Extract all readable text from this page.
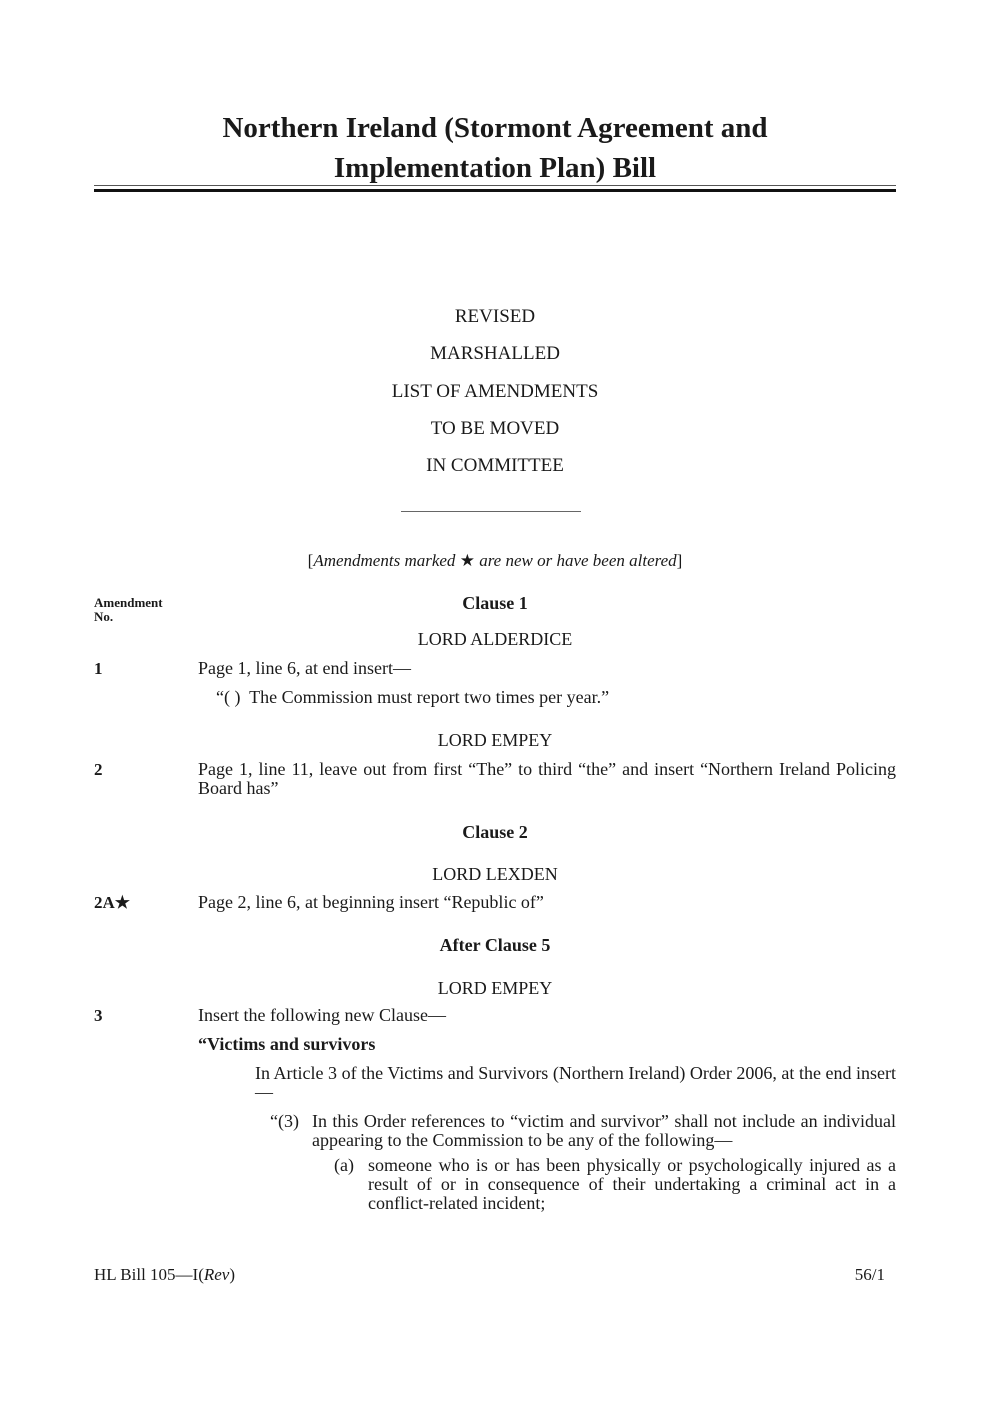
Northern Ireland (Stormont Agreement and
Implementation Plan) Bill
REVISED
MARSHALLED
LIST OF AMENDMENTS
TO BE MOVED
IN COMMITTEE
[Amendments marked ★ are new or have been altered]
Amendment
No.
Clause 1
LORD ALDERDICE
1	Page 1, line 6, at end insert—
“( )  The Commission must report two times per year.”
LORD EMPEY
2	Page 1, line 11, leave out from first “The” to third “the” and insert “Northern Ireland Policing Board has”
Clause 2
LORD LEXDEN
2A★	Page 2, line 6, at beginning insert “Republic of”
After Clause 5
LORD EMPEY
3	Insert the following new Clause—
“Victims and survivors
In Article 3 of the Victims and Survivors (Northern Ireland) Order 2006, at the end insert—
“(3) In this Order references to “victim and survivor” shall not include an individual appearing to the Commission to be any of the following—
(a) someone who is or has been physically or psychologically injured as a result of or in consequence of their undertaking a criminal act in a conflict-related incident;
HL Bill 105—I(Rev)	56/1
